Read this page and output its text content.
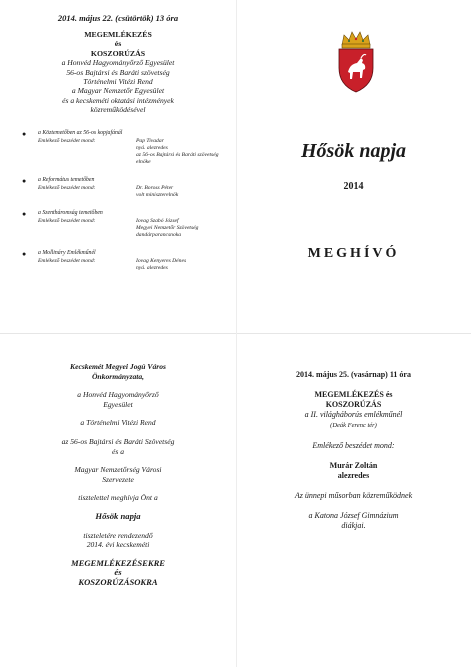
2014. május 22. (csütörtök) 13 óra
MEGEMLÉKEZÉS
és
KOSZORÚZÁS
a Honvéd Hagyományőrző Egyesület
56-os Bajtársi és Baráti szövetség
Történelmi Vitézi Rend
a Magyar Nemzetőr Egyesület
és a kecskeméti oktatási intézmények
közreműködésével
● a Köztemetőben az 56-os kopjafánál
Emlékező beszédet mond:	Pap Tivadar
nyá. alezredes
az 56-os Bajtársi és Baráti szövetség elnöke
● a Református temetőben
Emlékező beszédet mond:	Dr. Boross Péter
volt miniszterelnök
● a Szentháromság temetőben
Emlékező beszédet mond:	Iovag Szabó József
Megyei Nemzetőr Szövetség
dandárparancsnoka
● a Mollináry Emlékműnél
Emlékező beszédet mond:	Iovag Kenyeres Dénes
nyá. alezredes
Hősök napja
2014
MEGHÍVÓ

Kecskemét Megyei Jogú Város
Önkormányzata,

a Honvéd Hagyományőrző
Egyesület

a Történelmi Vitézi Rend

az 56-os Bajtársi és Baráti Szövetség
és a

Magyar Nemzetőrség Városi
Szervezete

tisztelettel meghívja Önt a

Hősök napja

tiszteletére rendezendő
2014. évi kecskeméti

MEGEMLÉKEZÉSEKRE
és
KOSZORÚZÁSOKRA

2014. május 25. (vasárnap) 11 óra

MEGEMLÉKEZÉS és
KOSZORÚZÁS
a II. világháborús emlékműnél
(Deák Ferenc tér)

Emlékező beszédet mond:

Murár Zoltán
alezredes

Az ünnepi műsorban közreműködnek

a Katona József Gimnázium
diákjai.
